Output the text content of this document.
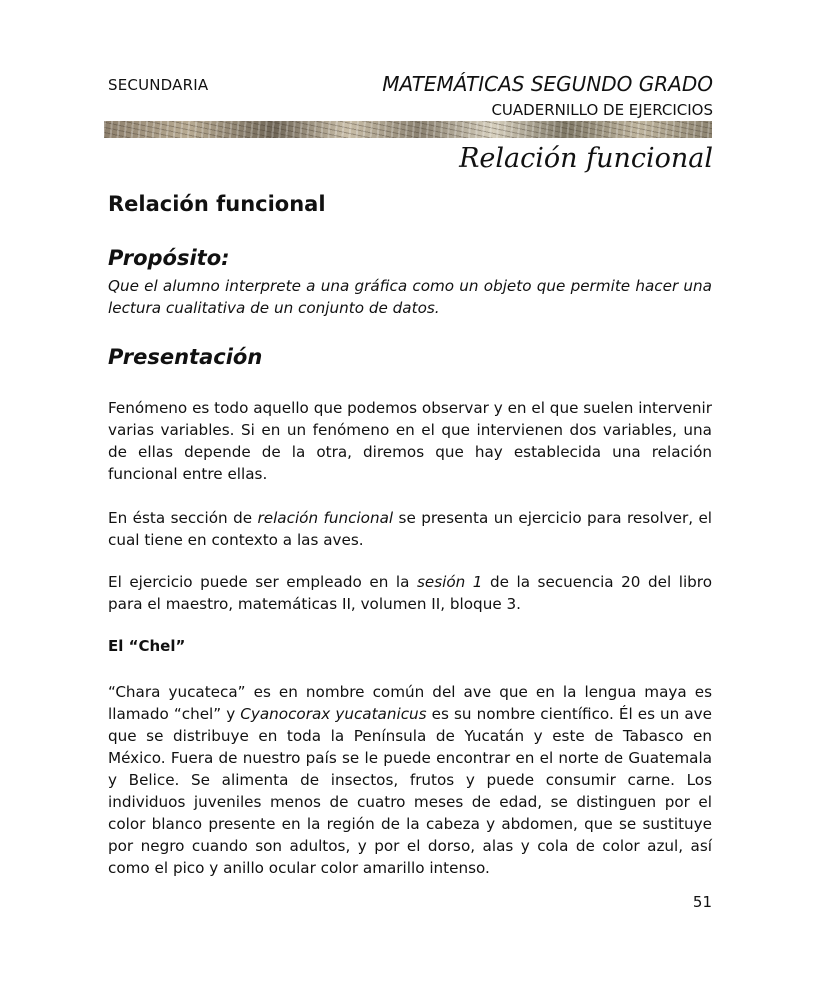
SECUNDARIA	MATEMÁTICAS SEGUNDO GRADO
CUADERNILLO DE EJERCICIOS
Relación funcional
Relación funcional
Propósito:
Que el alumno interprete a una gráfica como un objeto que permite hacer una lectura cualitativa de un conjunto de datos.
Presentación
Fenómeno es todo aquello que podemos observar y en el que suelen intervenir varias variables. Si en un fenómeno en el que intervienen dos variables, una de ellas depende de la otra, diremos que hay establecida una relación funcional entre ellas.
En ésta sección de relación funcional se presenta un ejercicio para resolver, el cual tiene en contexto a las aves.
El ejercicio puede ser empleado en la sesión 1 de la secuencia 20 del libro para el maestro, matemáticas II, volumen II, bloque 3.
El “Chel”
“Chara yucateca” es en nombre común del ave que en la lengua maya es llamado “chel” y Cyanocorax yucatanicus es su nombre científico. Él es un ave que se distribuye en toda la Península de Yucatán y este de Tabasco en México. Fuera de nuestro país se le puede encontrar en el norte de Guatemala y Belice. Se alimenta de insectos, frutos y puede consumir carne. Los individuos juveniles menos de cuatro meses de edad, se distinguen por el color blanco presente en la región de la cabeza y abdomen, que se sustituye por negro cuando son adultos, y por el dorso, alas y cola de color azul, así como el pico y anillo ocular color amarillo intenso.
51
